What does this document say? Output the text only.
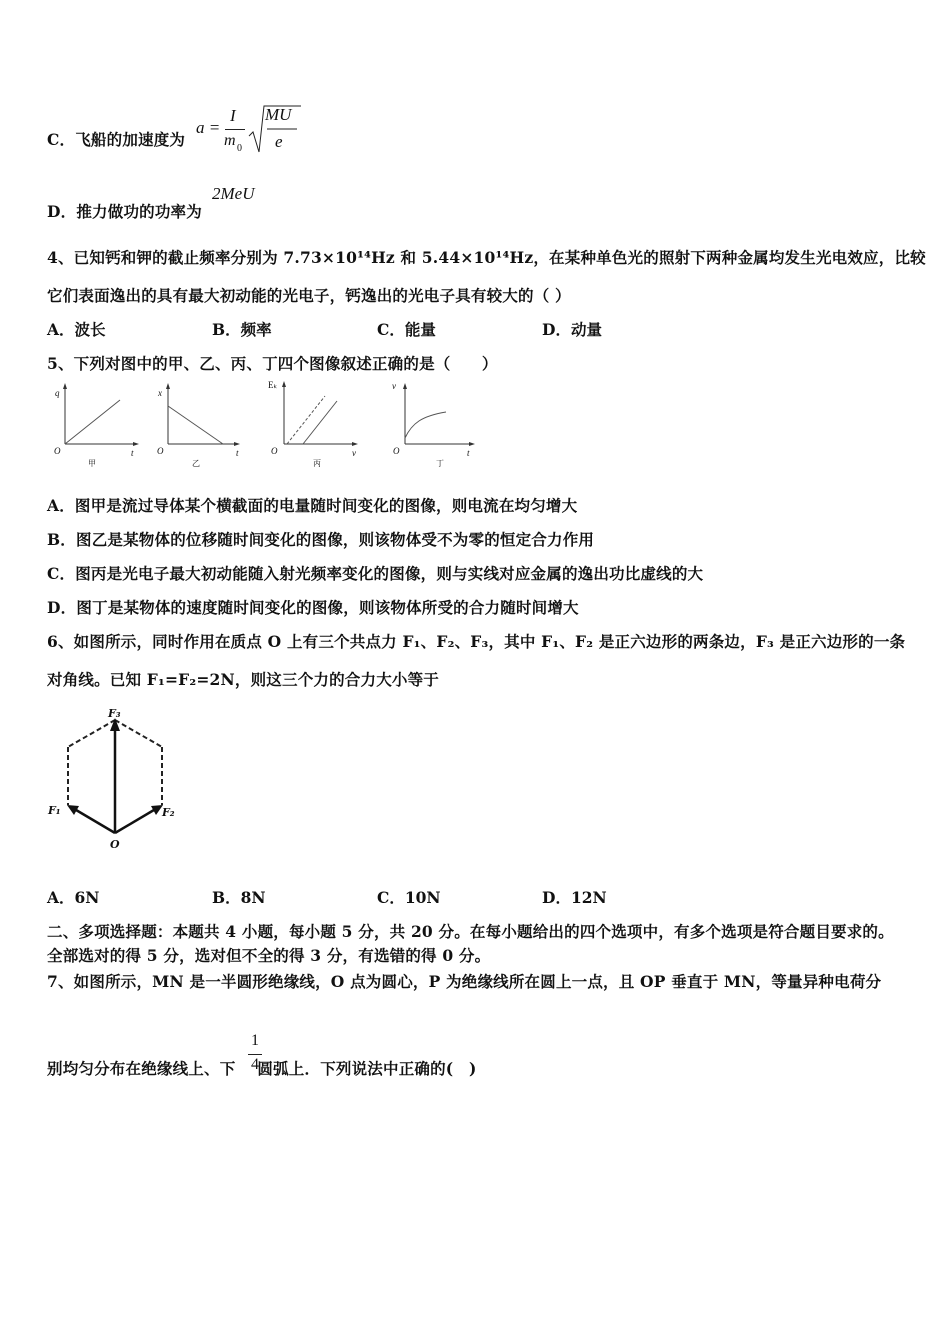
C．飞船的加速度为
a =
I
m 0
MU
e
D．推力做功的功率为
2MeU
4、已知钙和钾的截止频率分别为 7.73×10¹⁴Hz 和 5.44×10¹⁴Hz，在某种单色光的照射下两种金属均发生光电效应，比较
它们表面逸出的具有最大初动能的光电子，钙逸出的光电子具有较大的（ ）
A．波长	B．频率	C．能量	D．动量
5、下列对图中的甲、乙、丙、丁四个图像叙述正确的是（　　）
q
t
O
甲
x
t
O
乙
Eₖ
ν
O
丙
v
t
O
丁
A．图甲是流过导体某个横截面的电量随时间变化的图像，则电流在均匀增大
B．图乙是某物体的位移随时间变化的图像，则该物体受不为零的恒定合力作用
C．图丙是光电子最大初动能随入射光频率变化的图像，则与实线对应金属的逸出功比虚线的大
D．图丁是某物体的速度随时间变化的图像，则该物体所受的合力随时间增大
6、如图所示，同时作用在质点 O 上有三个共点力 F₁、F₂、F₃，其中 F₁、F₂ 是正六边形的两条边，F₃ 是正六边形的一条
对角线。已知 F₁=F₂=2N，则这三个力的合力大小等于
F₃
F₁	F₂
O
A．6N	B．8N	C．10N	D．12N
二、多项选择题：本题共 4 小题，每小题 5 分，共 20 分。在每小题给出的四个选项中，有多个选项是符合题目要求的。
全部选对的得 5 分，选对但不全的得 3 分，有选错的得 0 分。
7、如图所示，MN 是一半圆形绝缘线，O 点为圆心，P 为绝缘线所在圆上一点，且 OP 垂直于 MN，等量异种电荷分
别均匀分布在绝缘线上、下 圆弧上．下列说法中正确的(　)
1
4
